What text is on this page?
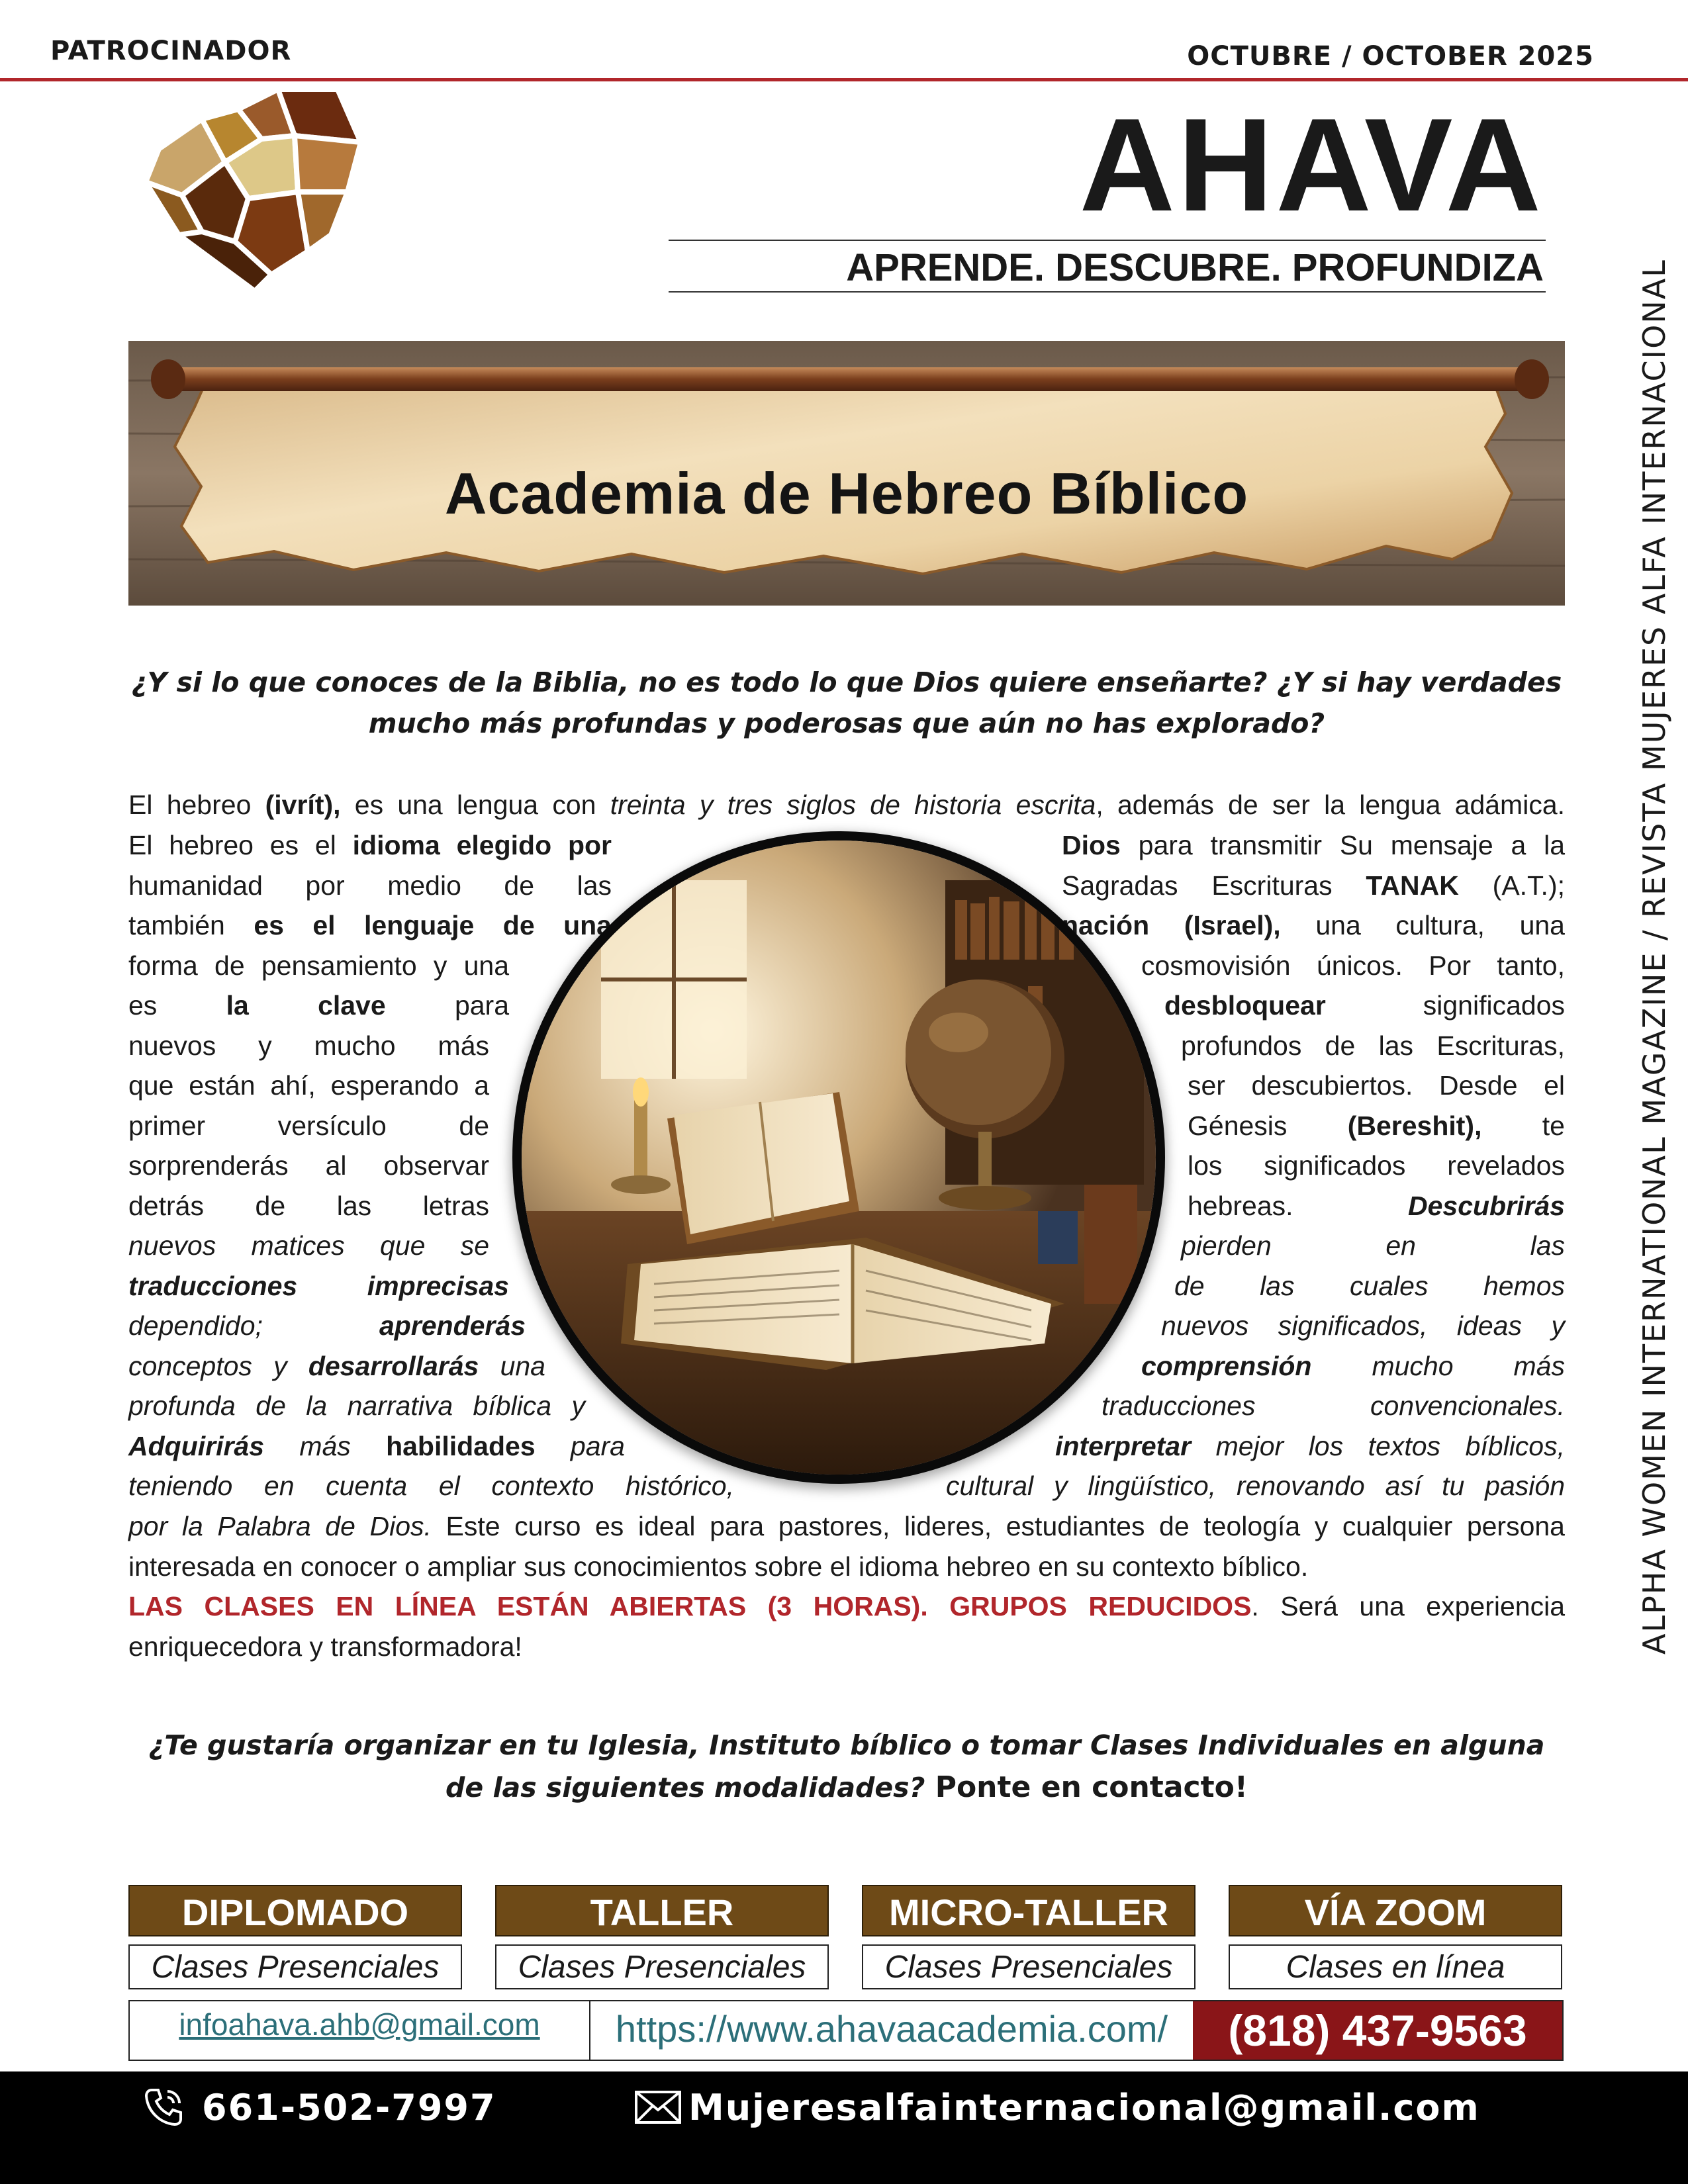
PATROCINADOR	OCTUBRE / OCTOBER 2025
AHAVA
APRENDE. DESCUBRE. PROFUNDIZA	ALPHA WOMEN INTERNATIONAL MAGAZINE / REVISTA MUJERES ALFA INTERNACIONAL
Academia de Hebreo Bíblico
¿Y si lo que conoces de la Biblia, no es todo lo que Dios quiere enseñarte? ¿Y si hay verdades mucho más profundas y poderosas que aún no has explorado?
El hebreo (ivrít), es una lengua con treinta y tres siglos de historia escrita, además de ser la lengua adámica.
El hebreo es el idioma elegido por
humanidad por medio de las
también es el lenguaje de una
forma de pensamiento y una
es la clave para
nuevos y mucho más
que están ahí, esperando a
primer versículo de
sorprenderás al observar
detrás de las letras
nuevos matices que se
traducciones imprecisas
dependido;	aprenderás
conceptos y desarrollarás una
profunda de la narrativa bíblica y
Adquirirás más habilidades para
teniendo en cuenta el contexto histórico,
Dios para transmitir Su mensaje a la
Sagradas Escrituras TANAK (A.T.);
nación (Israel), una cultura, una
cosmovisión únicos. Por tanto,
desbloquear significados
profundos de las Escrituras,
ser descubiertos. Desde el
Génesis (Bereshit), te
los significados revelados
hebreas. Descubrirás
pierden en las
de las cuales hemos
nuevos significados, ideas y
comprensión mucho más
traducciones convencionales.
interpretar mejor los textos bíblicos,
cultural y lingüístico, renovando así tu pasión
por la Palabra de Dios. Este curso es ideal para pastores, lideres, estudiantes de teología y cualquier persona interesada en conocer o ampliar sus conocimientos sobre el idioma hebreo en su contexto bíblico.
LAS CLASES EN LÍNEA ESTÁN ABIERTAS (3 HORAS). GRUPOS REDUCIDOS. Será una experiencia enriquecedora y transformadora!
¿Te gustaría organizar en tu Iglesia, Instituto bíblico o tomar Clases Individuales en alguna de las siguientes modalidades? Ponte en contacto!
DIPLOMADO
Clases Presenciales
TALLER
Clases Presenciales
MICRO-TALLER
Clases Presenciales
VÍA ZOOM
Clases en línea
infoahava.ahb@gmail.com	https://www.ahavaacademia.com/	(818) 437-9563
661-502-7997	Mujeresalfainternacional@gmail.com
